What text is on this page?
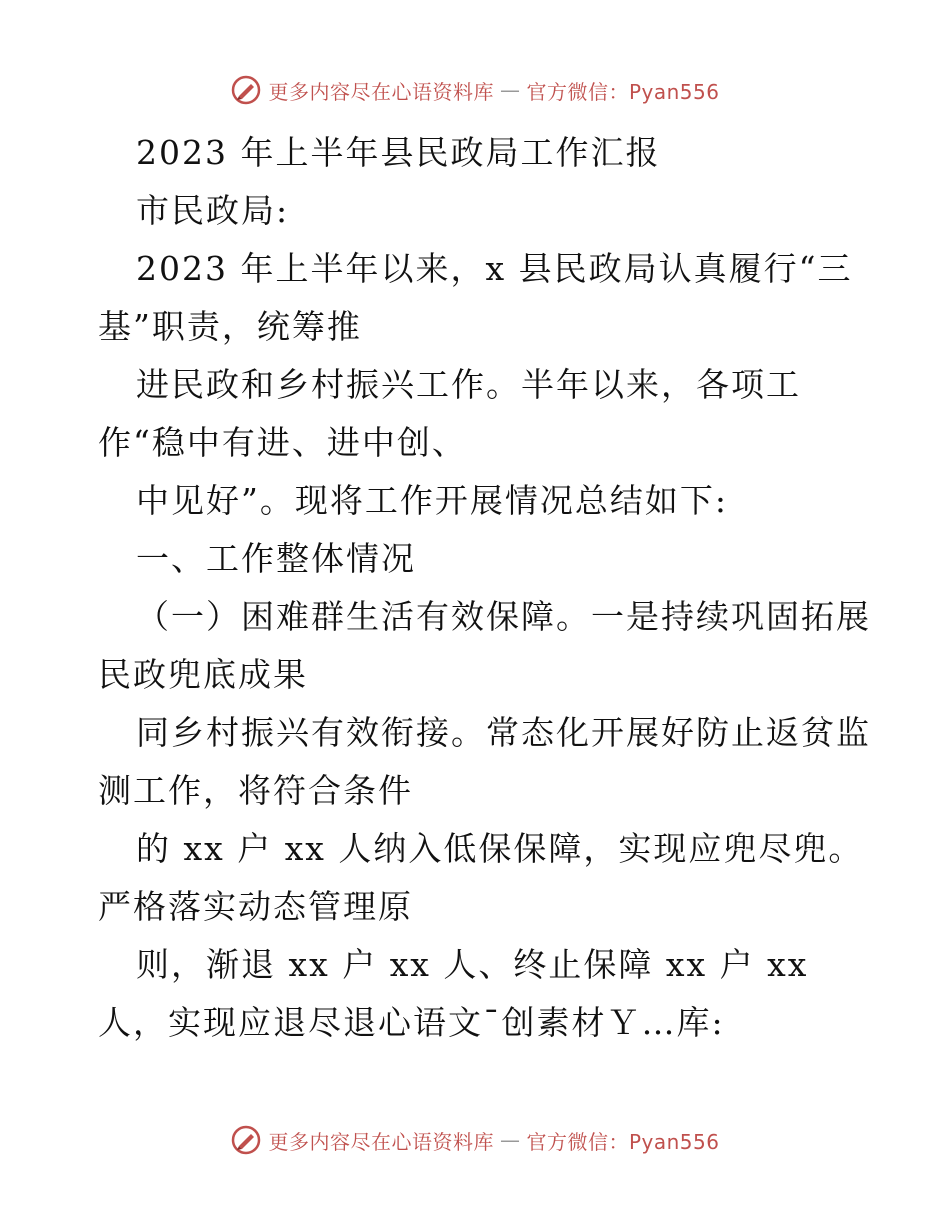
更多内容尽在心语资料库 — 官方微信：Pyan556
2023 年上半年县民政局工作汇报
市民政局:
2023 年上半年以来，x 县民政局认真履行“三
基”职责，统筹推
进民政和乡村振兴工作。半年以来，各项工
作“稳中有进、进中创、
中见好”。现将工作开展情况总结如下:
一、工作整体情况
（一）困难群生活有效保障。一是持续巩固拓展
民政兜底成果
同乡村振兴有效衔接。常态化开展好防止返贫监
测工作，将符合条件
的 xx 户 xx 人纳入低保保障，实现应兜尽兜。
严格落实动态管理原
则，渐退 xx 户 xx 人、终止保障 xx 户 xx
人，实现应退尽退心语文¯创素材Ｙ…库:
更多内容尽在心语资料库 — 官方微信：Pyan556
